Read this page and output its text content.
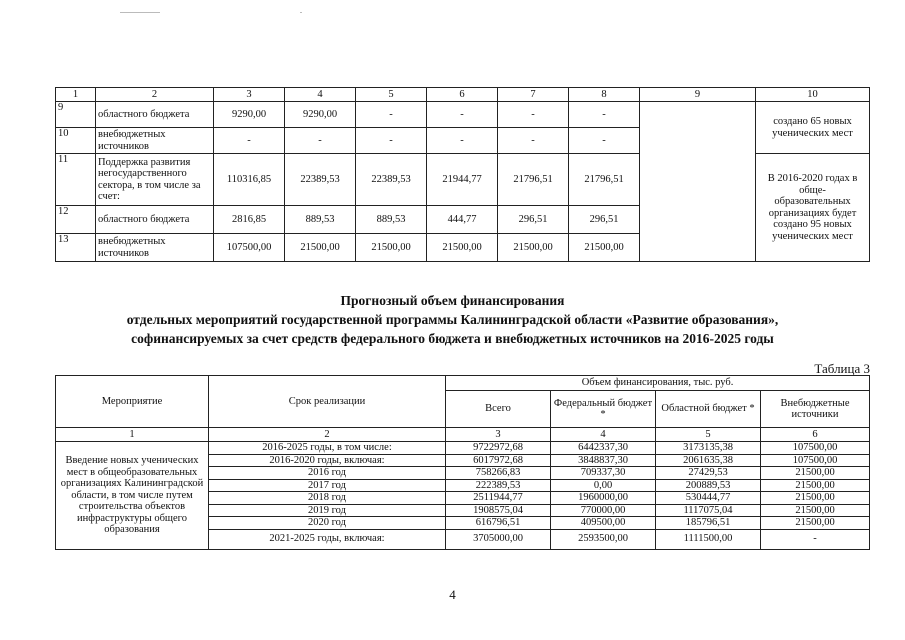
1	2	3	4	5	6	7	8	9	10
9	областного бюджета	9290,00	9290,00	-	-	-	-		создано 65 новых ученических мест
10	внебюджетных источников	-	-	-	-	-	-		
11	Поддержка развития негосударственного сектора, в том числе за счет:	110316,85	22389,53	22389,53	21944,77	21796,51	21796,51		В 2016-2020 годах в обще-образовательных организациях будет создано 95 новых ученических мест
12	областного бюджета	2816,85	889,53	889,53	444,77	296,51	296,51		
13	внебюджетных источников	107500,00	21500,00	21500,00	21500,00	21500,00	21500,00		
Прогнозный объем финансирования
отдельных мероприятий государственной программы Калининградской области «Развитие образования»,
софинансируемых за счет средств федерального бюджета и внебюджетных источников на 2016-2025 годы
Таблица 3
Мероприятие	Срок реализации	Объем финансирования, тыс. руб.			
		Всего	Федеральный бюджет *	Областной бюджет *	Внебюджетные источники
1	2	3	4	5	6
Введение новых ученических мест в общеобразовательных организациях Калининградской области, в том числе путем строительства объектов инфраструктуры общего образования	2016-2025 годы, в том числе:	9722972,68	6442337,30	3173135,38	107500,00
	2016-2020 годы, включая:	6017972,68	3848837,30	2061635,38	107500,00
	2016 год	758266,83	709337,30	27429,53	21500,00
	2017 год	222389,53	0,00	200889,53	21500,00
	2018 год	2511944,77	1960000,00	530444,77	21500,00
	2019 год	1908575,04	770000,00	1117075,04	21500,00
	2020 год	616796,51	409500,00	185796,51	21500,00
	2021-2025 годы, включая:	3705000,00	2593500,00	1111500,00	-
4
